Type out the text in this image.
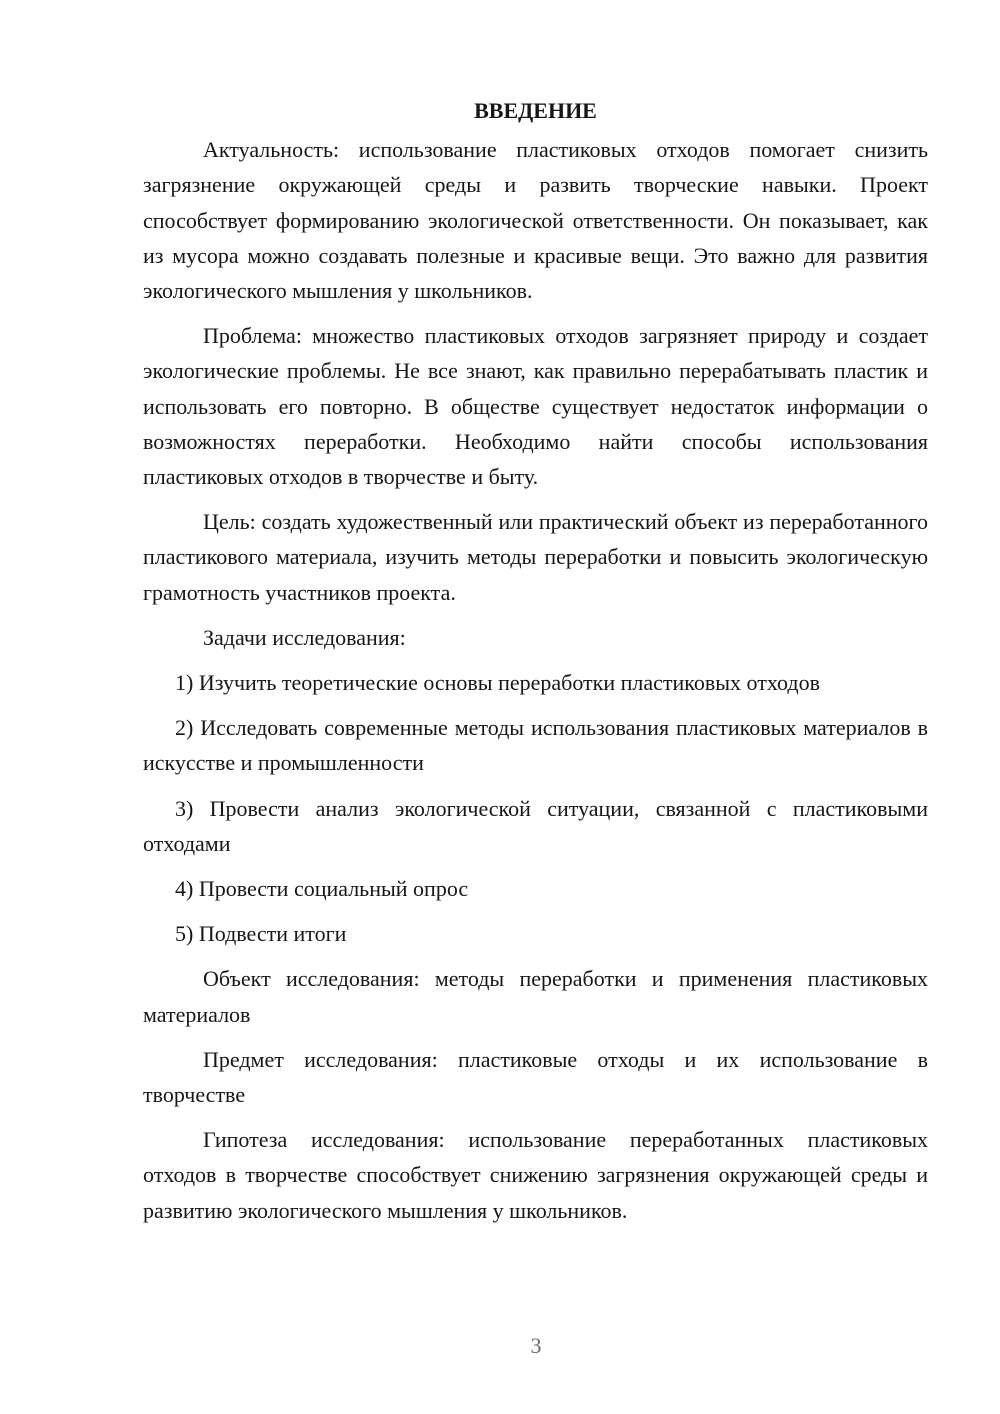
ВВЕДЕНИЕ

Актуальность: использование пластиковых отходов помогает снизить загрязнение окружающей среды и развить творческие навыки. Проект способствует формированию экологической ответственности. Он показывает, как из мусора можно создавать полезные и красивые вещи. Это важно для развития экологического мышления у школьников.

Проблема: множество пластиковых отходов загрязняет природу и создает экологические проблемы. Не все знают, как правильно перерабатывать пластик и использовать его повторно. В обществе существует недостаток информации о возможностях переработки. Необходимо найти способы использования пластиковых отходов в творчестве и быту.

Цель: создать художественный или практический объект из переработанного пластикового материала, изучить методы переработки и повысить экологическую грамотность участников проекта.

Задачи исследования:

1) Изучить теоретические основы переработки пластиковых отходов

2) Исследовать современные методы использования пластиковых материалов в искусстве и промышленности

3) Провести анализ экологической ситуации, связанной с пластиковыми отходами

4) Провести социальный опрос

5) Подвести итоги

Объект исследования: методы переработки и применения пластиковых материалов

Предмет исследования: пластиковые отходы и их использование в творчестве

Гипотеза исследования: использование переработанных пластиковых отходов в творчестве способствует снижению загрязнения окружающей среды и развитию экологического мышления у школьников.

3
